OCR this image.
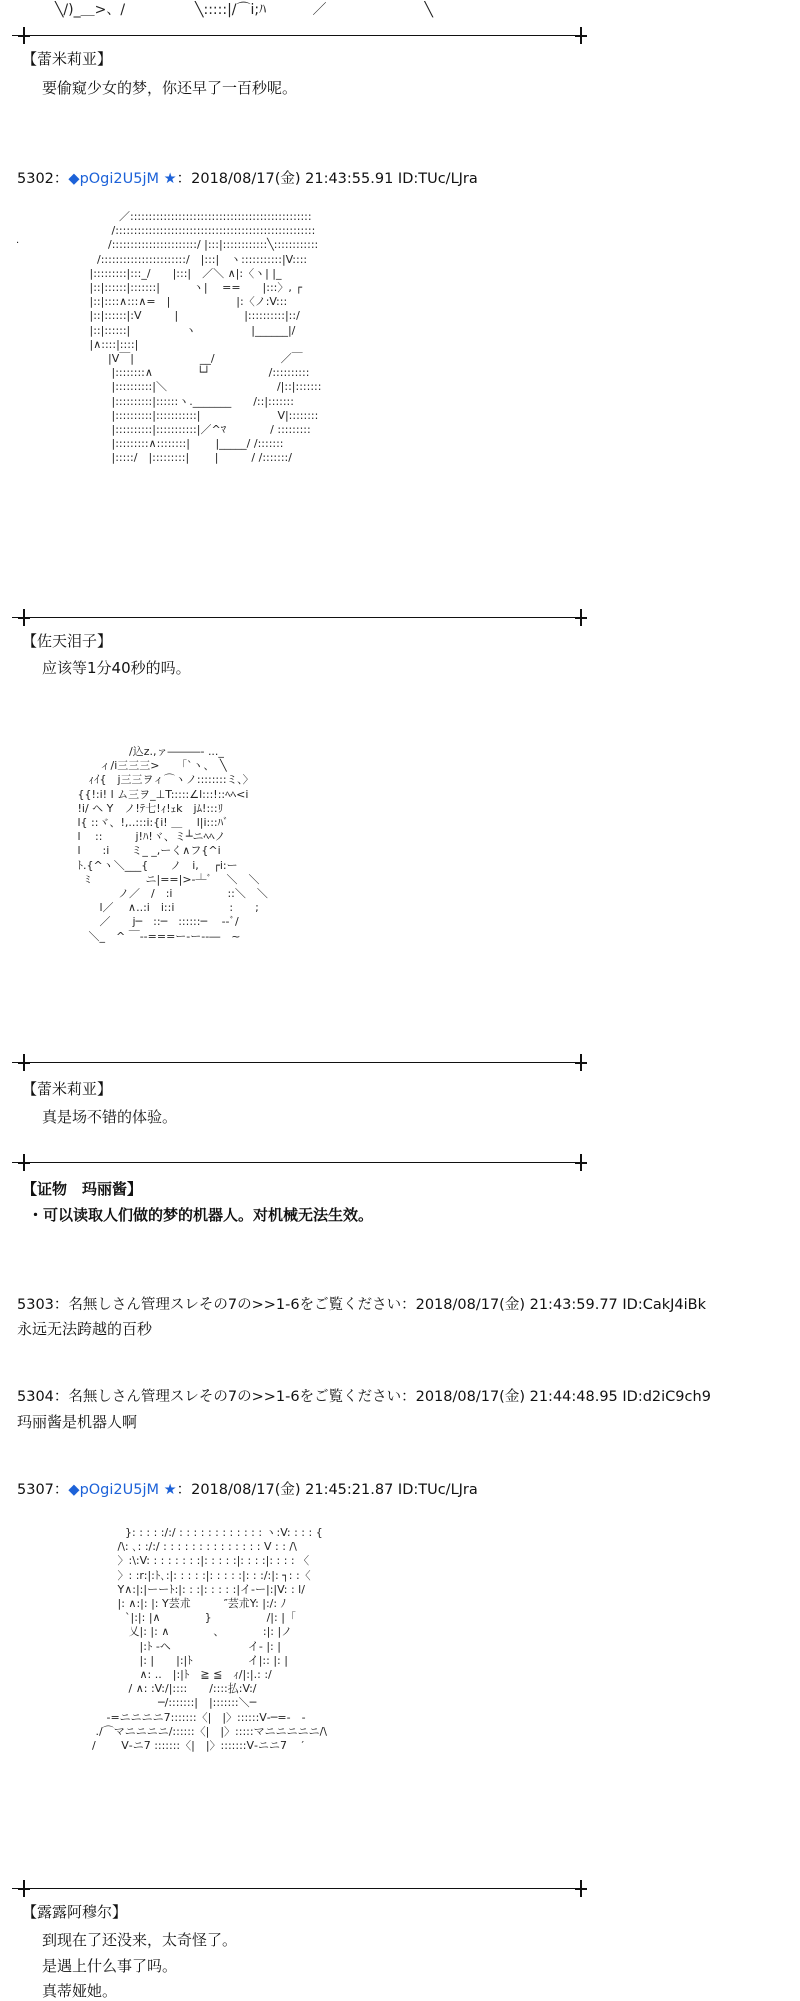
╲/)_＿>、/　　　　　╲:::::|/⌒i;ﾊ　　　 ／　　　　　　　╲
【蕾米莉亚】
要偷窥少女的梦，你还早了一百秒呢。
5302：◆pOgi2U5jM ★：2018/08/17(金) 21:43:55.91 ID:TUc/LJra
.
　　　　／:::::::::::::::::::::::::::::::::::::::::::::::::
　　　 /::::::::::::::::::::::::::::::::::::::::::::::::::::::
　　　/:::::::::::::::::::::::/ |:::|::::::::::::╲::::::::::::
　　/:::::::::::::::::::::::/　|:::|　ヽ:::::::::::|V::::
　 |:::::::::|:::_/　　|:::|　／＼ ∧|:〈ヽ| |_
　 |::|::::::|:::::::|　　　ヽ|　 ==　　|:::〉, ┌
　 |::|::::∧:::∧=　|　　　　　　|:〈ノ:V:::
　 |::|::::::|:V　　　|　　　　　　|::::::::::|::/
　 |::|::::::|　　　　　ヽ　　　　　|______|/
　 |∧::::|::::|
　　　|V￣|　　　　　　__/　　　　　　／￣
　　　 |::::::::∧　　　　└┘　　　　　 /::::::::::
　　　 |::::::::::|＼　　　　　　　　　　/|::|:::::::
　　　 |::::::::::|::::::ヽ._______　　/::|:::::::
　　　 |::::::::::|:::::::::::|　　　　　　　V|::::::::
　　　 |::::::::::|:::::::::::|／^ﾏ　　　　/ :::::::::
　　　 |:::::::::∧::::::::|　　 |_____/ /:::::::
　　　 |:::::/　|:::::::::|　　 |　　　/ /:::::::/
【佐天泪子】
应该等1分40秒的吗。
　　　　　　　/込z.,ァ―――- ..._
　　　　 ィ/i三三三>　　「`ヽ、　╲
　　　 ｨｲ{　j三三ヲィ⌒ヽノ::::::::ミ、〉
　　 {{!:i! l ム三ヲ_⊥T:::::∠l:::!::ﾍﾍ<i
　　 !i/ ヘ Y　ノ!ﾃ七!ｨ!ｪk　jﾑ!:::ﾘ
　　 l{ ::ヾ、!,..:::i:{i! ＿　 l|i:::ﾊﾞ
　　 l　 ::　　　j!ﾊ!ヾ、ミ┴ニﾍﾍノ
　　 l　　:i　　ミ_ _,ーく∧フ{^i
　　 ﾄ.{^ヽ＼___{　　ノ　i,　 ┌i:ー
　　　ﾐ　　　　　ニ|==|>-┴ﾞ　 ＼　＼
　　　　　　ノ／　/　:i　　　　　::＼　＼
　　　　 l／　 ∧..:i　i::i　　　　　:　　;
　　　　 ／　　j─　::─　::::::─　 ‐-ﾞ/
　　　 ＼_　^ ￣‐-===ー-ー--―　~
【蕾米莉亚】
真是场不错的体验。
【证物　玛丽酱】
・可以读取人们做的梦的机器人。对机械无法生效。
5303：名無しさん管理スレその7の>>1-6をご覧ください：2018/08/17(金) 21:43:59.77 ID:CakJ4iBk
永远无法跨越的百秒
5304：名無しさん管理スレその7の>>1-6をご覧ください：2018/08/17(金) 21:44:48.95 ID:d2iC9ch9
玛丽酱是机器人啊
5307：◆pOgi2U5jM ★：2018/08/17(金) 21:45:21.87 ID:TUc/LJra
　　　　　}: : : : :/:/ : : : : : : : : : : : : ヽ:V: : : : {
　　　　 /\: ､: :/:/ : : : : : : : : : : : : : : V : : /\
　　　　 〉:\:V: : : : : : : :|: : : : :|: : : :|: : : : 〈
　　　　 〉: :r:|:ﾄ､:|: : : : :|: : : : :|: : :/:|: ┐: :〈
　　　　 Y∧:|:|ーーﾄ:|: : :|: : : : :|イ-ー|:|V: : l/
　　　　 |: ∧:|: |: Y芸朮　　　″芸朮Y: |:/: ﾉ
　　　　　`|:|: |∧　　　　}　　　　　/|: |「
　　　　　 乂|: |: ∧　　　　、　　　　:|: |ノ
　　　　　　 |:ﾄ -ヘ　　　　　　　イ- |: |
　　　　　　 |: |　　|:|ﾄ　　　　　イ|:: |: |
　　　　　　 ∧: ..　|:|ﾄ　≧ ≦　ｨ/|:|.: :/
　　　　　 / ∧: :V:/|::::　　/::::払:V:/
　　　　　　　　─/:::::::|　|:::::::＼─
　　　 -=ニニニニ7:::::::〈|　|〉::::::V‐─=-　-
　　 ./⌒マニニニニ/::::::〈|　|〉:::::マニニニニニ/\
　　/　　 V‐ニ7 :::::::〈|　|〉:::::::V‐ニニ7　 ′
【露露阿穆尔】
到现在了还没来，太奇怪了。
是遇上什么事了吗。
真蒂娅她。
